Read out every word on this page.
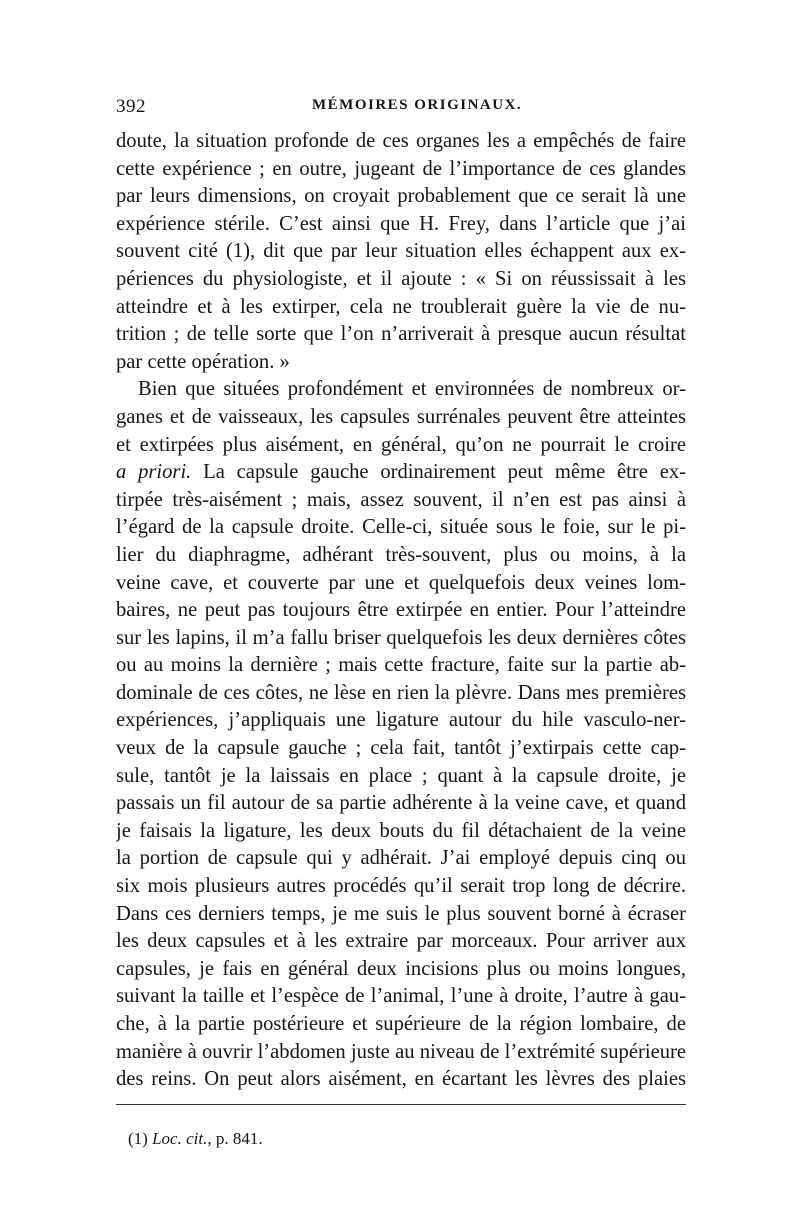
392	MÉMOIRES ORIGINAUX.
doute, la situation profonde de ces organes les a empêchés de faire
cette expérience ; en outre, jugeant de l’importance de ces glandes
par leurs dimensions, on croyait probablement que ce serait là une
expérience stérile. C’est ainsi que H. Frey, dans l’article que j’ai
souvent cité (1), dit que par leur situation elles échappent aux ex-
périences du physiologiste, et il ajoute : « Si on réussissait à les
atteindre et à les extirper, cela ne troublerait guère la vie de nu-
trition ; de telle sorte que l’on n’arriverait à presque aucun résultat
par cette opération. »
Bien que situées profondément et environnées de nombreux or-
ganes et de vaisseaux, les capsules surrénales peuvent être atteintes
et extirpées plus aisément, en général, qu’on ne pourrait le croire
a priori. La capsule gauche ordinairement peut même être ex-
tirpée très-aisément ; mais, assez souvent, il n’en est pas ainsi à
l’égard de la capsule droite. Celle-ci, située sous le foie, sur le pi-
lier du diaphragme, adhérant très-souvent, plus ou moins, à la
veine cave, et couverte par une et quelquefois deux veines lom-
baires, ne peut pas toujours être extirpée en entier. Pour l’atteindre
sur les lapins, il m’a fallu briser quelquefois les deux dernières côtes
ou au moins la dernière ; mais cette fracture, faite sur la partie ab-
dominale de ces côtes, ne lèse en rien la plèvre. Dans mes premières
expériences, j’appliquais une ligature autour du hile vasculo-ner-
veux de la capsule gauche ; cela fait, tantôt j’extirpais cette cap-
sule, tantôt je la laissais en place ; quant à la capsule droite, je
passais un fil autour de sa partie adhérente à la veine cave, et quand
je faisais la ligature, les deux bouts du fil détachaient de la veine
la portion de capsule qui y adhérait. J’ai employé depuis cinq ou
six mois plusieurs autres procédés qu’il serait trop long de décrire.
Dans ces derniers temps, je me suis le plus souvent borné à écraser
les deux capsules et à les extraire par morceaux. Pour arriver aux
capsules, je fais en général deux incisions plus ou moins longues,
suivant la taille et l’espèce de l’animal, l’une à droite, l’autre à gau-
che, à la partie postérieure et supérieure de la région lombaire, de
manière à ouvrir l’abdomen juste au niveau de l’extrémité supérieure
des reins. On peut alors aisément, en écartant les lèvres des plaies
(1) Loc. cit., p. 841.
